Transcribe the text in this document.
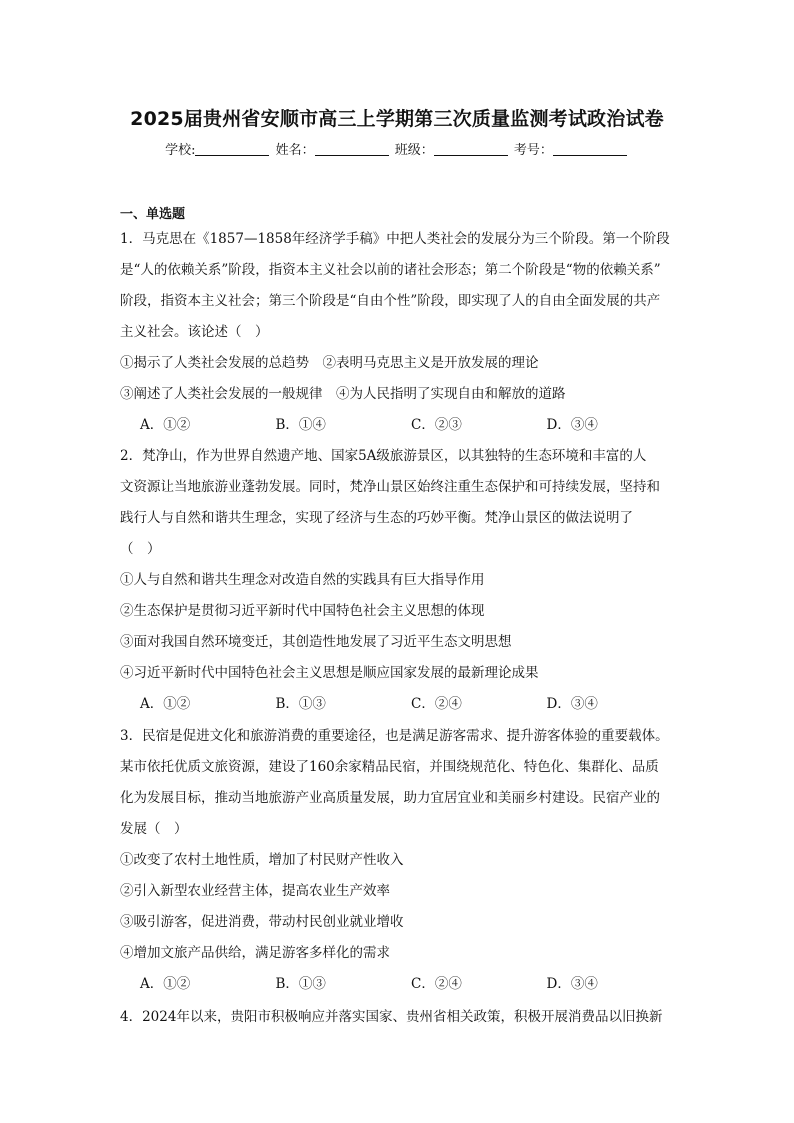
2025届贵州省安顺市高三上学期第三次质量监测考试政治试卷
学校:	姓名：	班级：	考号：
一、单选题
1．马克思在《1857—1858年经济学手稿》中把人类社会的发展分为三个阶段。第一个阶段
是“人的依赖关系”阶段，指资本主义社会以前的诸社会形态；第二个阶段是“物的依赖关系”
阶段，指资本主义社会；第三个阶段是“自由个性”阶段，即实现了人的自由全面发展的共产
主义社会。该论述（　）
①揭示了人类社会发展的总趋势　②表明马克思主义是开放发展的理论
③阐述了人类社会发展的一般规律　④为人民指明了实现自由和解放的道路
A．①②	B．①④	C．②③	D．③④
2．梵净山，作为世界自然遗产地、国家5A级旅游景区，以其独特的生态环境和丰富的人
文资源让当地旅游业蓬勃发展。同时，梵净山景区始终注重生态保护和可持续发展，坚持和
践行人与自然和谐共生理念，实现了经济与生态的巧妙平衡。梵净山景区的做法说明了
（　）
①人与自然和谐共生理念对改造自然的实践具有巨大指导作用
②生态保护是贯彻习近平新时代中国特色社会主义思想的体现
③面对我国自然环境变迁，其创造性地发展了习近平生态文明思想
④习近平新时代中国特色社会主义思想是顺应国家发展的最新理论成果
A．①②	B．①③	C．②④	D．③④
3．民宿是促进文化和旅游消费的重要途径，也是满足游客需求、提升游客体验的重要载体。
某市依托优质文旅资源，建设了160余家精品民宿，并围绕规范化、特色化、集群化、品质
化为发展目标，推动当地旅游产业高质量发展，助力宜居宜业和美丽乡村建设。民宿产业的
发展（　）
①改变了农村土地性质，增加了村民财产性收入
②引入新型农业经营主体，提高农业生产效率
③吸引游客，促进消费，带动村民创业就业增收
④增加文旅产品供给，满足游客多样化的需求
A．①②	B．①③	C．②④	D．③④
4．2024年以来，贵阳市积极响应并落实国家、贵州省相关政策，积极开展消费品以旧换新
